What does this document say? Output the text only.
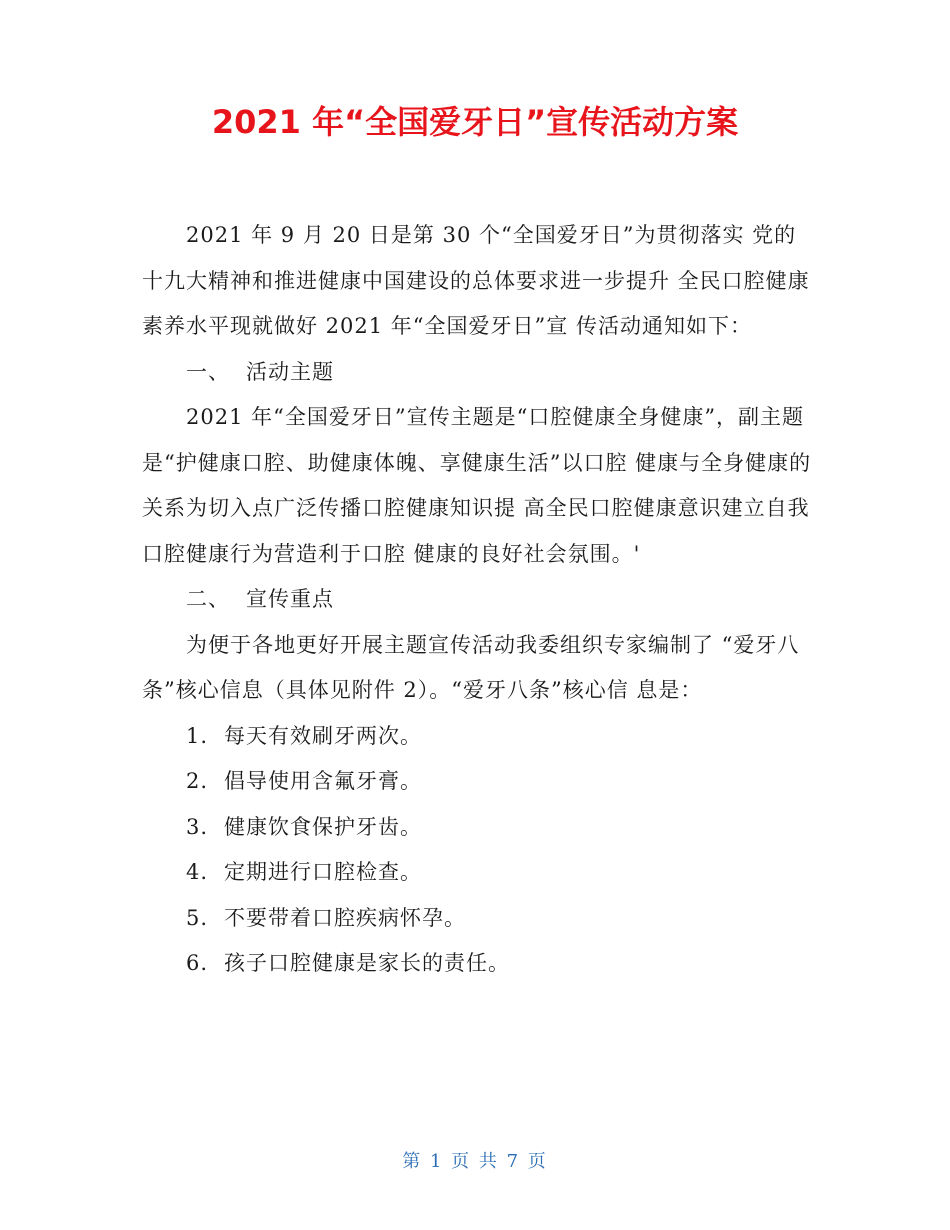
2021 年“全国爱牙日”宣传活动方案

2021 年 9 月 20 日是第 30 个“全国爱牙日”为贯彻落实 党的十九大精神和推进健康中国建设的总体要求进一步提升 全民口腔健康素养水平现就做好 2021 年“全国爱牙日”宣 传活动通知如下：

一、 活动主题

2021 年“全国爱牙日”宣传主题是“口腔健康全身健康”，副主题是“护健康口腔、助健康体魄、享健康生活”以口腔 健康与全身健康的关系为切入点广泛传播口腔健康知识提 高全民口腔健康意识建立自我口腔健康行为营造利于口腔 健康的良好社会氛围。'

二、 宣传重点

为便于各地更好开展主题宣传活动我委组织专家编制了 “爱牙八条”核心信息（具体见附件 2）。“爱牙八条”核心信 息是：

1. 每天有效刷牙两次。

2. 倡导使用含氟牙膏。

3. 健康饮食保护牙齿。

4. 定期进行口腔检查。

5. 不要带着口腔疾病怀孕。

6. 孩子口腔健康是家长的责任。

第 1 页 共 7 页
